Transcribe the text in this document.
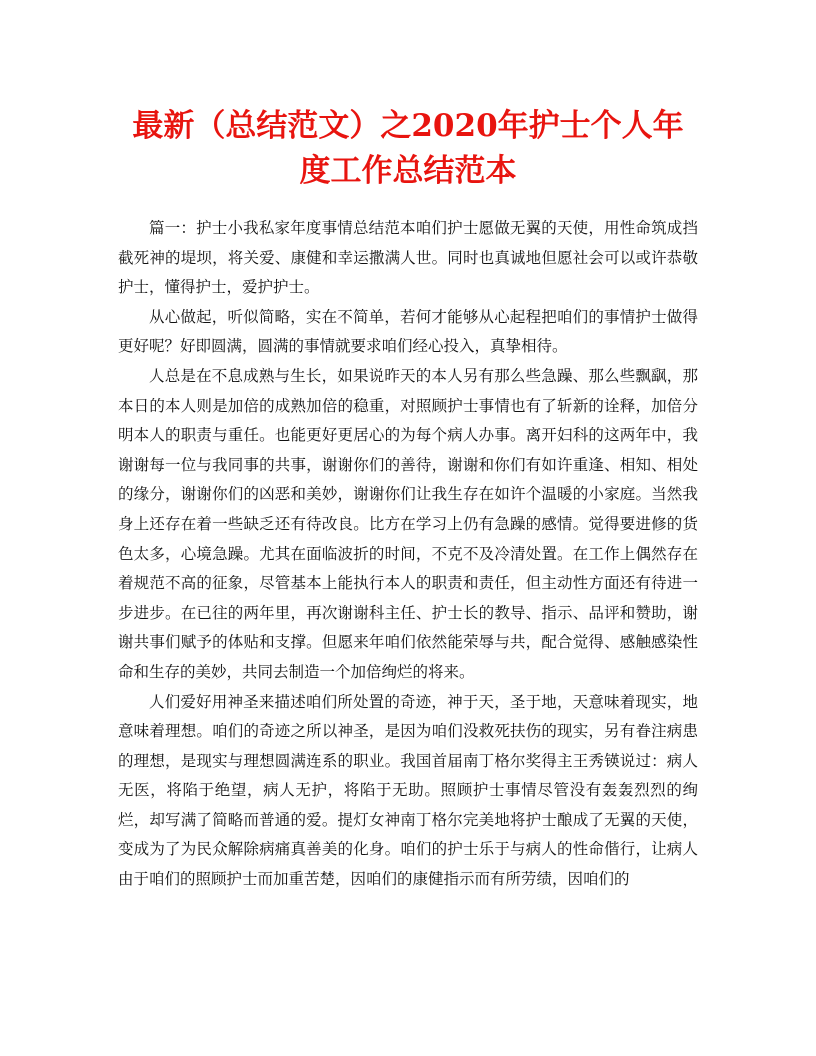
最新（总结范文）之2020年护士个人年度工作总结范本

篇一：护士小我私家年度事情总结范本咱们护士愿做无翼的天使，用性命筑成挡截死神的堤坝，将关爱、康健和幸运撒满人世。同时也真诚地但愿社会可以或许恭敬护士，懂得护士，爱护护士。

从心做起，听似简略，实在不简单，若何才能够从心起程把咱们的事情护士做得更好呢？好即圆满，圆满的事情就要求咱们经心投入，真挚相待。

人总是在不息成熟与生长，如果说昨天的本人另有那么些急躁、那么些飘飖，那本日的本人则是加倍的成熟加倍的稳重，对照顾护士事情也有了斩新的诠释，加倍分明本人的职责与重任。也能更好更居心的为每个病人办事。离开妇科的这两年中，我谢谢每一位与我同事的共事，谢谢你们的善待，谢谢和你们有如许重逢、相知、相处的缘分，谢谢你们的凶恶和美妙，谢谢你们让我生存在如许个温暖的小家庭。当然我身上还存在着一些缺乏还有待改良。比方在学习上仍有急躁的感情。觉得要进修的货色太多，心境急躁。尤其在面临波折的时间，不克不及冷清处置。在工作上偶然存在着规范不高的征象，尽管基本上能执行本人的职责和责任，但主动性方面还有待进一步进步。在已往的两年里，再次谢谢科主任、护士长的教导、指示、品评和赞助，谢谢共事们赋予的体贴和支撑。但愿来年咱们依然能荣辱与共，配合觉得、感触感染性命和生存的美妙，共同去制造一个加倍绚烂的将来。

人们爱好用神圣来描述咱们所处置的奇迹，神于天，圣于地，天意味着现实，地意味着理想。咱们的奇迹之所以神圣，是因为咱们没救死扶伤的现实，另有眷注病患的理想，是现实与理想圆满连系的职业。我国首届南丁格尔奖得主王秀锳说过：病人无医，将陷于绝望，病人无护，将陷于无助。照顾护士事情尽管没有轰轰烈烈的绚烂，却写满了简略而普通的爱。提灯女神南丁格尔完美地将护士酿成了无翼的天使，变成为了为民众解除病痛真善美的化身。咱们的护士乐于与病人的性命偕行，让病人由于咱们的照顾护士而加重苦楚，因咱们的康健指示而有所劳绩，因咱们的
